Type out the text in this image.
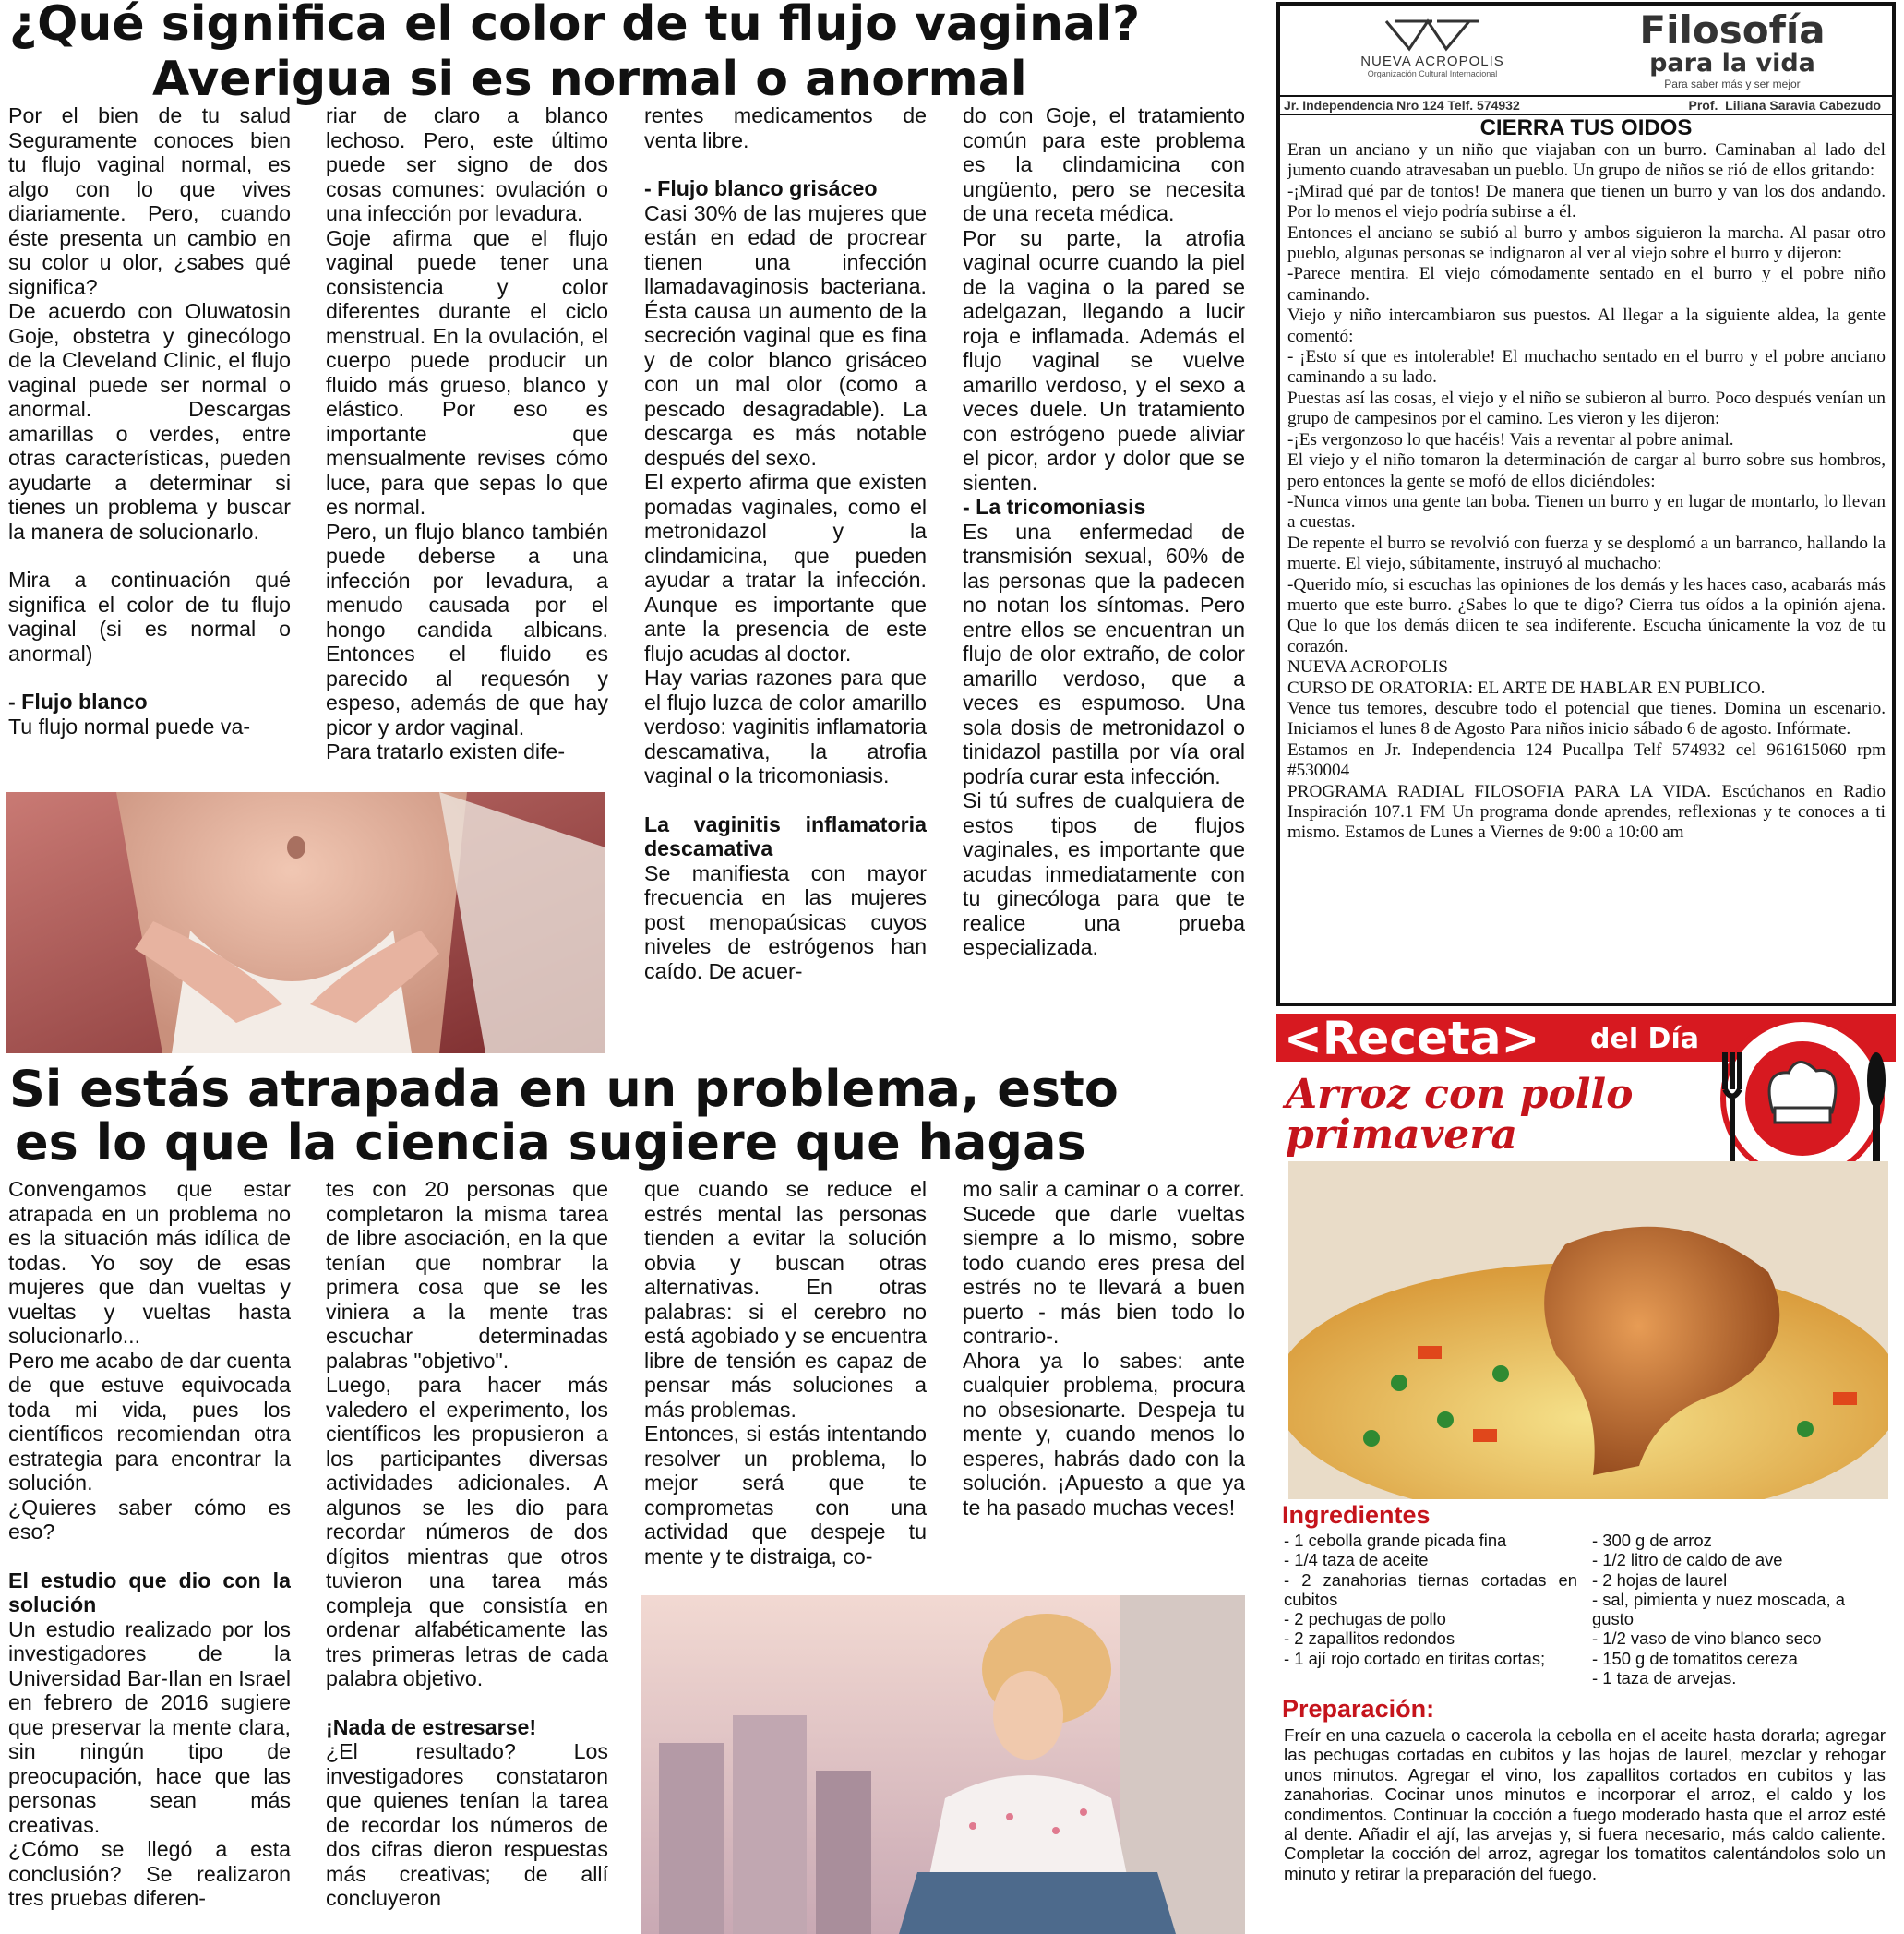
¿Qué significa el color de tu flujo vaginal?
Averigua si es normal o anormal

Por el bien de tu salud Seguramente conoces bien tu flujo vaginal normal, es algo con lo que vives diariamente. Pero, cuando éste presenta un cambio en su color u olor, ¿sabes qué significa?

De acuerdo con Oluwatosin Goje, obstetra y ginecólogo de la Cleveland Clinic, el flujo vaginal puede ser normal o anormal. Descargas amarillas o verdes, entre otras características, pueden ayudarte a determinar si tienes un problema y buscar la manera de solucionarlo.

Mira a continuación qué significa el color de tu flujo vaginal (si es normal o anormal)

- Flujo blanco

Tu flujo normal puede va-

riar de claro a blanco lechoso. Pero, este último puede ser signo de dos cosas comunes: ovulación o una infección por levadura.

Goje afirma que el flujo vaginal puede tener una consistencia y color diferentes durante el ciclo menstrual. En la ovulación, el cuerpo puede producir un fluido más grueso, blanco y elástico. Por eso es importante que mensualmente revises cómo luce, para que sepas lo que es normal.

Pero, un flujo blanco también puede deberse a una infección por levadura, a menudo causada por el hongo candida albicans. Entonces el fluido es parecido al requesón y espeso, además de que hay picor y ardor vaginal.

Para tratarlo existen dife-

rentes medicamentos de venta libre.

- Flujo blanco grisáceo

Casi 30% de las mujeres que están en edad de procrear tienen una infección llamadavaginosis bacteriana. Ésta causa un aumento de la secreción vaginal que es fina y de color blanco grisáceo con un mal olor (como a pescado desagradable). La descarga es más notable después del sexo.

El experto afirma que existen pomadas vaginales, como el metronidazol y la clindamicina, que pueden ayudar a tratar la infección. Aunque es importante que ante la presencia de este flujo acudas al doctor.

Hay varias razones para que el flujo luzca de color amarillo verdoso: vaginitis inflamatoria descamativa, la atrofia vaginal o la tricomoniasis.

La vaginitis inflamatoria descamativa

Se manifiesta con mayor frecuencia en las mujeres post menopaúsicas cuyos niveles de estrógenos han caído. De acuer-

do con Goje, el tratamiento común para este problema es la clindamicina con ungüento, pero se necesita de una receta médica.

Por su parte, la atrofia vaginal ocurre cuando la piel de la vagina o la pared se adelgazan, llegando a lucir roja e inflamada. Además el flujo vaginal se vuelve amarillo verdoso, y el sexo a veces duele. Un tratamiento con estrógeno puede aliviar el picor, ardor y dolor que se sienten.

- La tricomoniasis

Es una enfermedad de transmisión sexual, 60% de las personas que la padecen no notan los síntomas. Pero entre ellos se encuentran un flujo de olor extraño, de color amarillo verdoso, que a veces es espumoso. Una sola dosis de metronidazol o tinidazol pastilla por vía oral podría curar esta infección.

Si tú sufres de cualquiera de estos tipos de flujos vaginales, es importante que acudas inmediatamente con tu ginecóloga para que te realice una prueba especializada.

Si estás atrapada en un problema, esto
es lo que la ciencia sugiere que hagas

Convengamos que estar atrapada en un problema no es la situación más idílica de todas. Yo soy de esas mujeres que dan vueltas y vueltas y vueltas hasta solucionarlo...

Pero me acabo de dar cuenta de que estuve equivocada toda mi vida, pues los científicos recomiendan otra estrategia para encontrar la solución.

¿Quieres saber cómo es eso?

El estudio que dio con la solución

Un estudio realizado por los investigadores de la Universidad Bar-Ilan en Israel en febrero de 2016 sugiere que preservar la mente clara, sin ningún tipo de preocupación, hace que las personas sean más creativas.

¿Cómo se llegó a esta conclusión? Se realizaron tres pruebas diferen-

tes con 20 personas que completaron la misma tarea de libre asociación, en la que tenían que nombrar la primera cosa que se les viniera a la mente tras escuchar determinadas palabras "objetivo".

Luego, para hacer más valedero el experimento, los científicos les propusieron a los participantes diversas actividades adicionales. A algunos se les dio para recordar números de dos dígitos mientras que otros tuvieron una tarea más compleja que consistía en ordenar alfabéticamente las tres primeras letras de cada palabra objetivo.

¡Nada de estresarse!

¿El resultado? Los investigadores constataron que quienes tenían la tarea de recordar los números de dos cifras dieron respuestas más creativas; de allí concluyeron

que cuando se reduce el estrés mental las personas tienden a evitar la solución obvia y buscan otras alternativas. En otras palabras: si el cerebro no está agobiado y se encuentra libre de tensión es capaz de pensar más soluciones a más problemas.

Entonces, si estás intentando resolver un problema, lo mejor será que te comprometas con una actividad que despeje tu mente y te distraiga, co-

mo salir a caminar o a correr. Sucede que darle vueltas siempre a lo mismo, sobre todo cuando eres presa del estrés no te llevará a buen puerto - más bien todo lo contrario-.

Ahora ya lo sabes: ante cualquier problema, procura no obsesionarte. Despeja tu mente y, cuando menos lo esperes, habrás dado con la solución. ¡Apuesto a que ya te ha pasado muchas veces!

NUEVA ACROPOLIS
Organización Cultural Internacional
Filosofía
para la vida
Para saber más y ser mejor
Jr. Independencia Nro 124 Telf. 574932	Prof. Liliana Saravia Cabezudo
CIERRA TUS OIDOS

Eran un anciano y un niño que viajaban con un burro. Caminaban al lado del jumento cuando atravesaban un pueblo. Un grupo de niños se rió de ellos gritando:

-¡Mirad qué par de tontos! De manera que tienen un burro y van los dos andando. Por lo menos el viejo podría subirse a él.

Entonces el anciano se subió al burro y ambos siguieron la marcha. Al pasar otro pueblo, algunas personas se indignaron al ver al viejo sobre el burro y dijeron:

-Parece mentira. El viejo cómodamente sentado en el burro y el pobre niño caminando.

Viejo y niño intercambiaron sus puestos. Al llegar a la siguiente aldea, la gente comentó:

- ¡Esto sí que es intolerable! El muchacho sentado en el burro y el pobre anciano caminando a su lado.

Puestas así las cosas, el viejo y el niño se subieron al burro. Poco después venían un grupo de campesinos por el camino. Les vieron y les dijeron:

-¡Es vergonzoso lo que hacéis! Vais a reventar al pobre animal.

El viejo y el niño tomaron la determinación de cargar al burro sobre sus hombros, pero entonces la gente se mofó de ellos diciéndoles:

-Nunca vimos una gente tan boba. Tienen un burro y en lugar de montarlo, lo llevan a cuestas.

De repente el burro se revolvió con fuerza y se desplomó a un barranco, hallando la muerte. El viejo, súbitamente, instruyó al muchacho:

-Querido mío, si escuchas las opiniones de los demás y les haces caso, acabarás más muerto que este burro. ¿Sabes lo que te digo? Cierra tus oídos a la opinión ajena. Que lo que los demás diicen te sea indiferente. Escucha únicamente la voz de tu corazón.

NUEVA ACROPOLIS

CURSO DE ORATORIA: EL ARTE DE HABLAR EN PUBLICO.

Vence tus temores, descubre todo el potencial que tienes. Domina un escenario. Iniciamos el lunes 8 de Agosto Para niños inicio sábado 6 de agosto. Infórmate.

Estamos en Jr. Independencia 124 Pucallpa Telf 574932 cel 961615060 rpm #530004

PROGRAMA RADIAL FILOSOFIA PARA LA VIDA. Escúchanos en Radio Inspiración 107.1 FM Un programa donde aprendes, reflexionas y te conoces a ti mismo. Estamos de Lunes a Viernes de 9:00 a 10:00 am

<Receta> del Día
Arroz con pollo
primavera
Ingredientes
- 1 cebolla grande picada fina
- 1/4 taza de aceite
- 2 zanahorias tiernas cortadas en cubitos
- 2 pechugas de pollo
- 2 zapallitos redondos
- 1 ají rojo cortado en tiritas cortas;
- 300 g de arroz
- 1/2 litro de caldo de ave
- 2 hojas de laurel
- sal, pimienta y nuez moscada, a gusto
- 1/2 vaso de vino blanco seco
- 150 g de tomatitos cereza
- 1 taza de arvejas.
Preparación:
Freír en una cazuela o cacerola la cebolla en el aceite hasta dorarla; agregar las pechugas cortadas en cubitos y las hojas de laurel, mezclar y rehogar unos minutos. Agregar el vino, los zapallitos cortados en cubitos y las zanahorias. Cocinar unos minutos e incorporar el arroz, el caldo y los condimentos. Continuar la cocción a fuego moderado hasta que el arroz esté al dente. Añadir el ají, las arvejas y, si fuera necesario, más caldo caliente. Completar la cocción del arroz, agregar los tomatitos calentándolos solo un minuto y retirar la preparación del fuego.
